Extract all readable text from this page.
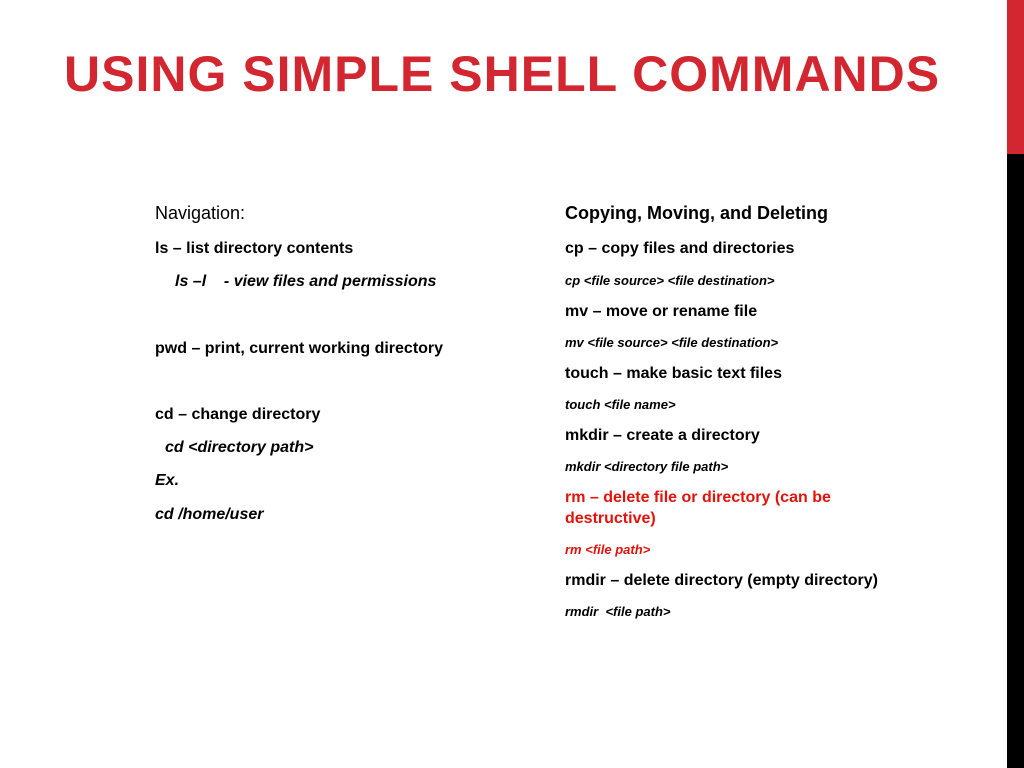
USING SIMPLE SHELL COMMANDS

Navigation:

ls – list directory contents

ls –l    - view files and permissions

pwd – print, current working directory

cd – change directory

cd <directory path>

Ex.

cd /home/user

Copying, Moving, and Deleting

cp – copy files and directories

cp <file source> <file destination>

mv – move or rename file

mv <file source> <file destination>

touch – make basic text files

touch <file name>

mkdir – create a directory

mkdir <directory file path>

rm – delete file or directory (can be destructive)

rm <file path>

rmdir – delete directory (empty directory)

rmdir  <file path>
